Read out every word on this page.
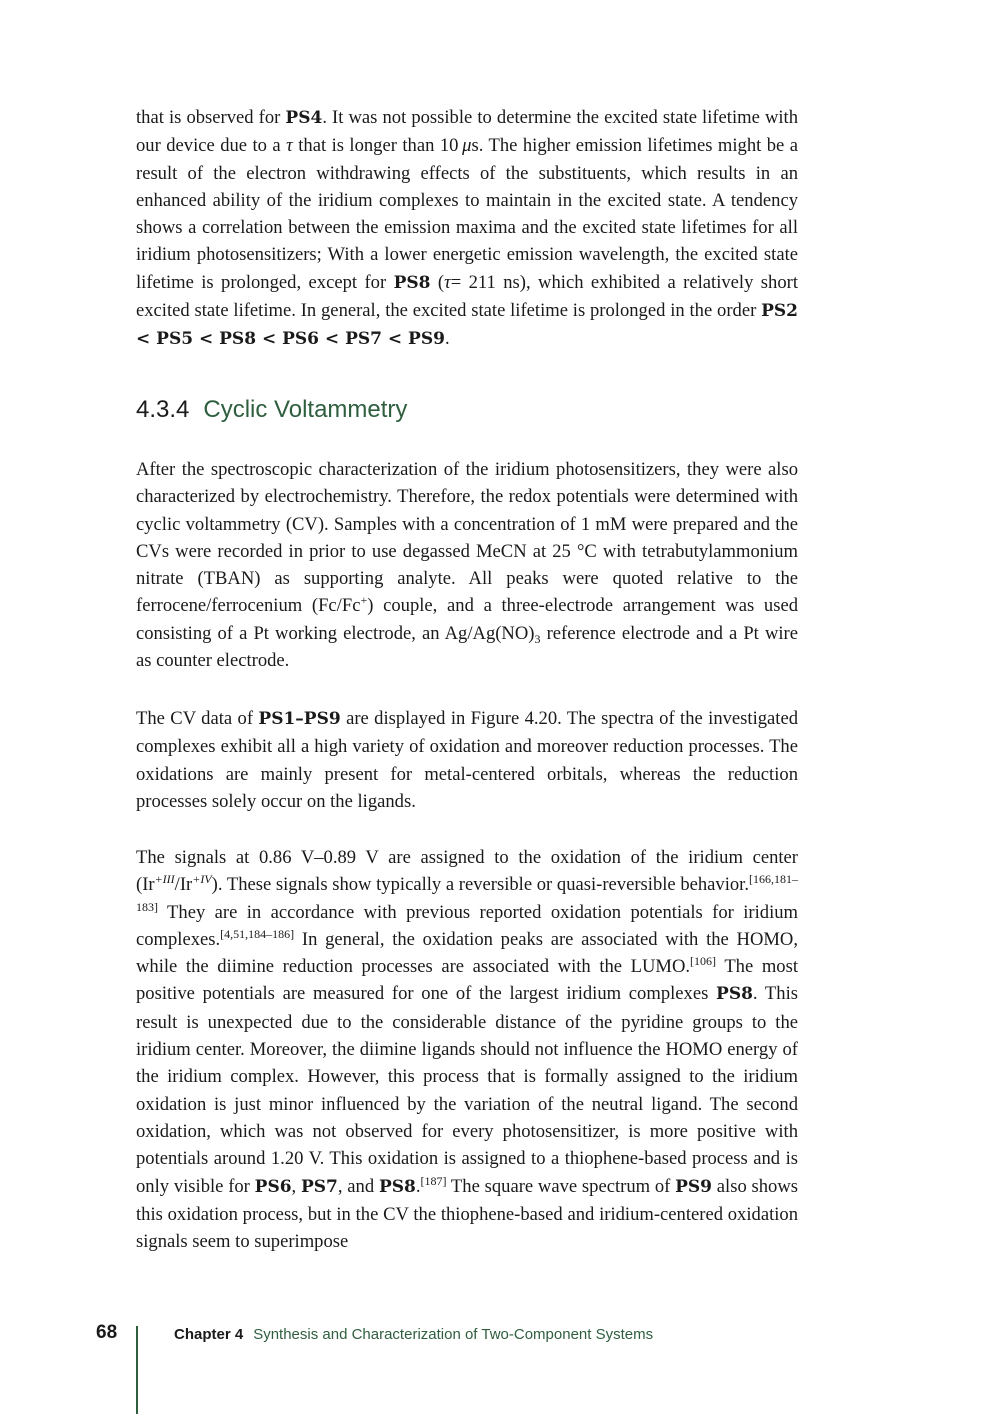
that is observed for PS4. It was not possible to determine the excited state lifetime with our device due to a τ that is longer than 10 μs. The higher emission lifetimes might be a result of the electron withdrawing effects of the substituents, which results in an enhanced ability of the iridium complexes to maintain in the excited state. A tendency shows a correlation between the emission maxima and the excited state lifetimes for all iridium photosensitizers; With a lower energetic emission wavelength, the excited state lifetime is prolonged, except for PS8 (τ= 211 ns), which exhibited a relatively short excited state lifetime. In general, the excited state lifetime is prolonged in the order PS2 < PS5 < PS8 < PS6 < PS7 < PS9.

4.3.4 Cyclic Voltammetry

After the spectroscopic characterization of the iridium photosensitizers, they were also characterized by electrochemistry. Therefore, the redox potentials were determined with cyclic voltammetry (CV). Samples with a concentration of 1 mM were prepared and the CVs were recorded in prior to use degassed MeCN at 25 °C with tetrabutylammonium nitrate (TBAN) as supporting analyte. All peaks were quoted relative to the ferrocene/ferrocenium (Fc/Fc+) couple, and a three-electrode arrangement was used consisting of a Pt working electrode, an $Ag/Ag(NO)_3$ reference electrode and a Pt wire as counter electrode.

The CV data of PS1–PS9 are displayed in Figure 4.20. The spectra of the investigated complexes exhibit all a high variety of oxidation and moreover reduction processes. The oxidations are mainly present for metal-centered orbitals, whereas the reduction processes solely occur on the ligands.

The signals at 0.86 V–0.89 V are assigned to the oxidation of the iridium center $(Ir^{+III}/Ir^{+IV})$. These signals show typically a reversible or quasi-reversible behavior.[166,181–183] They are in accordance with previous reported oxidation potentials for iridium complexes.[4,51,184–186] In general, the oxidation peaks are associated with the HOMO, while the diimine reduction processes are associated with the LUMO.[106] The most positive potentials are measured for one of the largest iridium complexes PS8. This result is unexpected due to the considerable distance of the pyridine groups to the iridium center. Moreover, the diimine ligands should not influence the HOMO energy of the iridium complex. However, this process that is formally assigned to the iridium oxidation is just minor influenced by the variation of the neutral ligand. The second oxidation, which was not observed for every photosensitizer, is more positive with potentials around 1.20 V. This oxidation is assigned to a thiophene-based process and is only visible for PS6, PS7, and PS8.[187] The square wave spectrum of PS9 also shows this oxidation process, but in the CV the thiophene-based and iridium-centered oxidation signals seem to superimpose

68	Chapter 4 Synthesis and Characterization of Two-Component Systems
